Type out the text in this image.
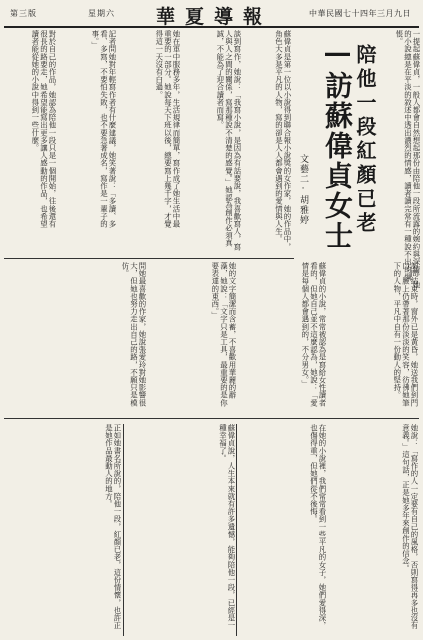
第三版	星期六 華夏導報	中華民國七十四年三月九日
陪他一段紅顏已老
—訪蘇偉貞女士
文藝二·胡雅婷	一提起蘇偉貞，一般人都會自然想起那份由陪他一段所流露的婉約與深情，她的小說總是在平淡的敘述中透出濃烈的情感，讀者讀完常有一種說不出的惆悵。
蘇偉貞是第一位以小說得到聯合報小說獎的女作家，她的作品中，角色大多是平凡的人物，寫的卻是人人都會遇到的愛情與人生。
談到寫作，她說：「我寫小說，是因為有話要說，我喜歡寫人，寫人與人之間的關係，寫那種說不清楚的感覺。」她認為創作必須真誠，不能為了迎合讀者而寫。
她在軍中服務多年，生活規律而簡單，寫作成了她生活中最重要的一部分。她說每天下班以後，總要寫上幾千字，才覺得這一天沒有白過。
記者問她對年輕寫作者有什麼建議，她笑著說：「多讀、多看、多寫，不要怕失敗，也不要急著成名，寫作是一輩子的事。」
對於自己的作品，她認為陪他一段只是一個開始，往後還有很長的路要走，她希望能寫出更多讓人感動的作品，也希望讀者能從她的小說中得到一些什麼。
訪問結束時，窗外已是黃昏，她送我們到門口，臉上仍帶著那份淡淡的笑容，彷彿她筆下的人物，平凡中自有一份動人的堅持。
蘇偉貞的小說，常常被認為是寫給女性讀者看的，但她自己並不這麼認為，她說：「愛情是每個人都會遇到的，不分男女。」
她的文字簡潔而含蓄，不喜歡用華麗的辭藻，她說：「文字只是工具，最重要的是你要表達的東西。」
問她最喜歡的作家，她說張愛玲對她影響很大，但她也努力走出自己的路，不願只是模仿。
她說：「寫作的人一定要有自己的風格，否則寫得再多也沒有意義。」這句話，正是她多年來創作的信念。
在她的小說裡，我們常常看到一些平凡的女子，她們愛得深，也傷得重，但她們從不後悔。
蘇偉貞說，人生本來就有許多遺憾，能夠陪他一段，已經是一種幸福了。
正如她書名所說的，陪他一段，紅顏已老，這份情懷，也許正是她作品最動人的地方。
